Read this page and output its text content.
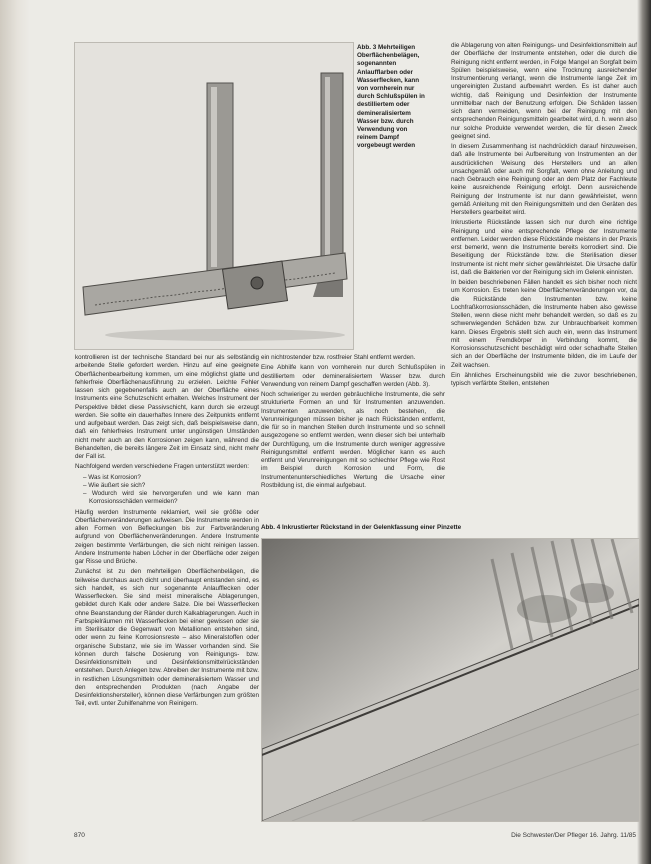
Abb. 3 Mehrteiligen Oberflächenbelägen, sogenannten Anlaufflarben oder Wasserflecken, kann von vornherein nur durch Schlußspülen in destilliertem oder demineralisiertem Wasser bzw. durch Verwendung von reinem Dampf vorgebeugt werden

kontrollieren ist der technische Standard bei nur als selbständig arbeitende Stelle gefordert werden. Hinzu auf eine geeignete Oberflächenbearbeitung kommen, um eine möglichst glatte und fehlerfreie Oberflächenausführung zu erzielen. Leichte Fehler lassen sich gegebenenfalls auch an der Oberfläche eines Instruments eine Schutzschicht erhalten. Welches Instrument der Perspektive bildet diese Passivschicht, kann durch sie erzeugt werden. Sie sollte ein dauerhaftes Innere des Zeitpunkts entfernt und aufgebaut werden. Das zeigt sich, daß beispielsweise dann, daß ein fehlerfreies Instrument unter ungünstigen Umständen nicht mehr auch an den Korrosionen zeigen kann, während die Behandelten, die bereits längere Zeit im Einsatz sind, nicht mehr der Fall ist.

Nachfolgend werden verschiedene Fragen unterstützt werden:

– Was ist Korrosion?
– Wie äußert sie sich?
– Wodurch wird sie hervorgerufen und wie kann man Korrosionsschäden vermeiden?

Häufig werden Instrumente reklamiert, weil sie größte oder Oberflächenveränderungen aufweisen. Die Instrumente werden in allen Formen von Befleckungen bis zur Farbveränderung aufgrund von Oberflächenveränderungen. Andere Instrumente zeigen bestimmte Verfärbungen, die sich nicht reinigen lassen. Andere Instrumente haben Löcher in der Oberfläche oder zeigen gar Risse und Brüche.

Zunächst ist zu den mehrteiligen Oberflächenbelägen, die teilweise durchaus auch dicht und überhaupt entstanden sind, es sich handelt, es sich nur sogenannte Anlaufflecken oder Wasserflecken. Sie sind meist mineralische Ablagerungen, gebildet durch Kalk oder andere Salze. Die bei Wasserflecken ohne Beanstandung der Ränder durch Kalkablagerungen. Auch in Farbspielräumen mit Wasserflecken bei einer gewissen oder sie im Sterilisator die Gegenwart von Metallionen entstehen sind, oder wenn zu feine Korrosionsreste – also Mineralstoffen oder organische Substanz, wie sie im Wasser vorhanden sind. Sie können durch falsche Dosierung von Reinigungs- bzw. Desinfektionsmitteln und Desinfektionsmittelrückständen entstehen. Durch Anlegen bzw. Abreiben der Instrumente mit bzw. in restlichen Lösungsmitteln oder demineralisiertem Wasser und den entsprechenden Produkten (nach Angabe der Desinfektionshersteller), können diese Verfärbungen zum größten Teil, evtl. unter Zuhilfenahme von Reinigern.

ein nichtrostender bzw. rostfreier Stahl entfernt werden.

Eine Abhilfe kann von vornherein nur durch Schlußspülen in destilliertem oder demineralisiertem Wasser bzw. durch Verwendung von reinem Dampf geschaffen werden (Abb. 3).

Noch schwieriger zu werden gebräuchliche Instrumente, die sehr strukturierte Formen an und für Instrumenten anzuwenden. Instrumenten anzuwenden, als noch bestehen, die Verunreinigungen müssen bisher je nach Rückständen entfernt, die für so in manchen Stellen durch Instrumente und so schnell ausgezogene so entfernt werden, wenn dieser sich bei unterhalb der Durchfügung, um die Instrumente durch weniger aggressive Reinigungsmittel entfernt werden. Möglicher kann es auch entfernt und Verunreinigungen mit so schlechter Pflege wie Rost im Beispiel durch Korrosion und Form, die Instrumentenunterschiedliches Wertung die Ursache einer Rostbildung ist, die einmal aufgebaut.

die Ablagerung von alten Reinigungs- und Desinfektionsmitteln auf der Oberfläche der Instrumente entstehen, oder die durch die Reinigung nicht entfernt werden, in Folge Mangel an Sorgfalt beim Spülen beispielsweise, wenn eine Trocknung ausreichender Instrumentierung verlangt, wenn die Instrumente lange Zeit im ungereinigten Zustand aufbewahrt werden. Es ist daher auch wichtig, daß Reinigung und Desinfektion der Instrumente unmittelbar nach der Benutzung erfolgen. Die Schäden lassen sich dann vermeiden, wenn bei der Reinigung mit den entsprechenden Reinigungsmitteln gearbeitet wird, d. h. wenn also nur solche Produkte verwendet werden, die für diesen Zweck geeignet sind.

In diesem Zusammenhang ist nachdrücklich darauf hinzuweisen, daß alle Instrumente bei Aufbereitung von Instrumenten an der ausdrücklichen Weisung des Herstellers und an allen unsachgemäß oder auch mit Sorgfalt, wenn ohne Anleitung und nach Gebrauch eine Reinigung oder an dem Platz der Fachleute keine ausreichende Reinigung erfolgt. Denn ausreichende Reinigung der Instrumente ist nur dann gewährleistet, wenn gemäß Anleitung mit den Reinigungsmitteln und den Geräten des Herstellers gearbeitet wird.

Inkrustierte Rückstände lassen sich nur durch eine richtige Reinigung und eine entsprechende Pflege der Instrumente entfernen. Leider werden diese Rückstände meistens in der Praxis erst bemerkt, wenn die Instrumente bereits korrodiert sind. Die Beseitigung der Rückstände bzw. die Sterilisation dieser Instrumente ist nicht mehr sicher gewährleistet. Die Ursache dafür ist, daß die Bakterien vor der Reinigung sich im Gelenk einnisten.

In beiden beschriebenen Fällen handelt es sich bisher noch nicht um Korrosion. Es treten keine Oberflächenveränderungen vor, da die Rückstände den Instrumenten bzw. keine Lochfraßkorrosionsschäden, die Instrumente haben also gewisse Stellen, wenn diese nicht mehr behandelt werden, so daß es zu schwerwiegenden Schäden bzw. zur Unbrauchbarkeit kommen kann. Dieses Ergebnis stellt sich auch ein, wenn das Instrument mit einem Fremdkörper in Verbindung kommt, die Korrosionsschutzschicht beschädigt wird oder schadhafte Stellen sich an der Oberfläche der Instrumente bilden, die im Laufe der Zeit wachsen.

Ein ähnliches Erscheinungsbild wie die zuvor beschriebenen, typisch verfärbte Stellen, entstehen

Abb. 4 Inkrustierter Rückstand in der Gelenkfassung einer Pinzette
870	Die Schwester/Der Pfleger 16. Jahrg. 11/85
